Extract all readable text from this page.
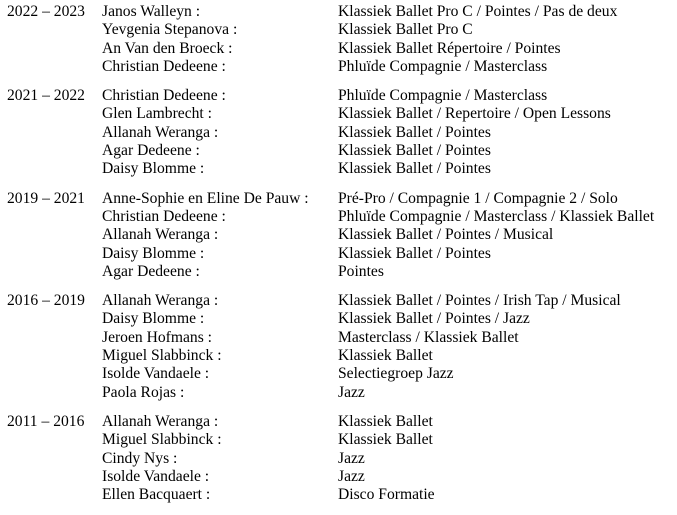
2022 – 2023 Janos Walleyn :	Klassiek Ballet Pro C / Pointes / Pas de deux
Yevgenia Stepanova :	Klassiek Ballet Pro C
An Van den Broeck :	Klassiek Ballet Répertoire / Pointes
Christian Dedeene :	Phluïde Compagnie / Masterclass
2021 – 2022 Christian Dedeene :	Phluïde Compagnie / Masterclass
Glen Lambrecht :	Klassiek Ballet / Repertoire / Open Lessons
Allanah Weranga :	Klassiek Ballet / Pointes
Agar Dedeene :	Klassiek Ballet / Pointes
Daisy Blomme :	Klassiek Ballet / Pointes
2019 – 2021 Anne-Sophie en Eline De Pauw : Pré-Pro / Compagnie 1 / Compagnie 2 / Solo
Christian Dedeene :	Phluïde Compagnie / Masterclass / Klassiek Ballet
Allanah Weranga :	Klassiek Ballet / Pointes / Musical
Daisy Blomme :	Klassiek Ballet / Pointes
Agar Dedeene :	Pointes
2016 – 2019 Allanah Weranga :	Klassiek Ballet / Pointes / Irish Tap / Musical
Daisy Blomme :	Klassiek Ballet / Pointes / Jazz
Jeroen Hofmans :	Masterclass / Klassiek Ballet
Miguel Slabbinck :	Klassiek Ballet
Isolde Vandaele :	Selectiegroep Jazz
Paola Rojas :	Jazz
2011 – 2016 Allanah Weranga :	Klassiek Ballet
Miguel Slabbinck :	Klassiek Ballet
Cindy Nys :	Jazz
Isolde Vandaele :	Jazz
Ellen Bacquaert :	Disco Formatie
